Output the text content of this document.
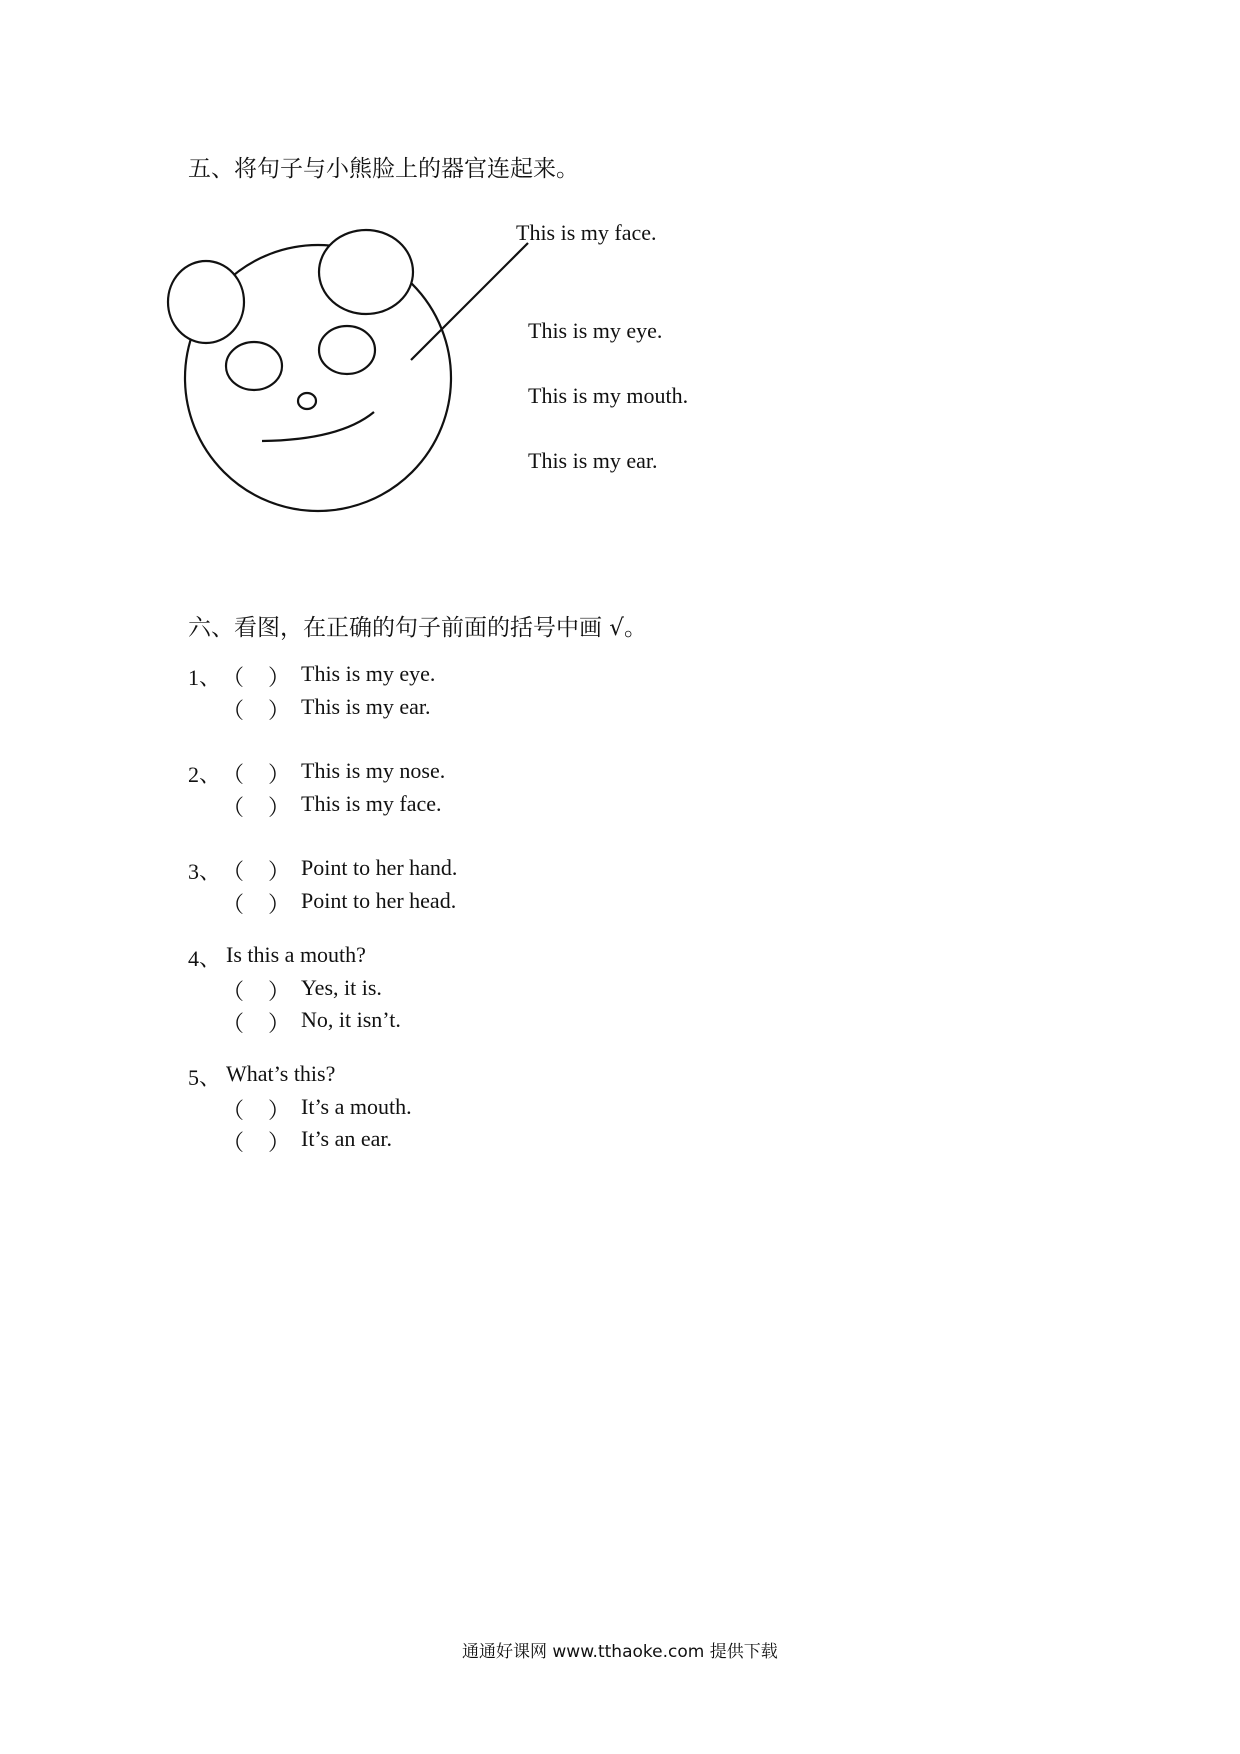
五、将句子与小熊脸上的器官连起来。
This is my face.
This is my eye.
This is my mouth.
This is my ear.
六、看图，在正确的句子前面的括号中画 √。
1、 （ ） This is my eye.
（ ） This is my ear.
2、 （ ） This is my nose.
（ ） This is my face.
3、 （ ） Point to her hand.
（ ） Point to her head.
4、 Is this a mouth?
（ ） Yes, it is.
（ ） No, it isn’t.
5、 What’s this?
（ ） It’s a mouth.
（ ） It’s an ear.
通通好课网 www.tthaoke.com 提供下载
